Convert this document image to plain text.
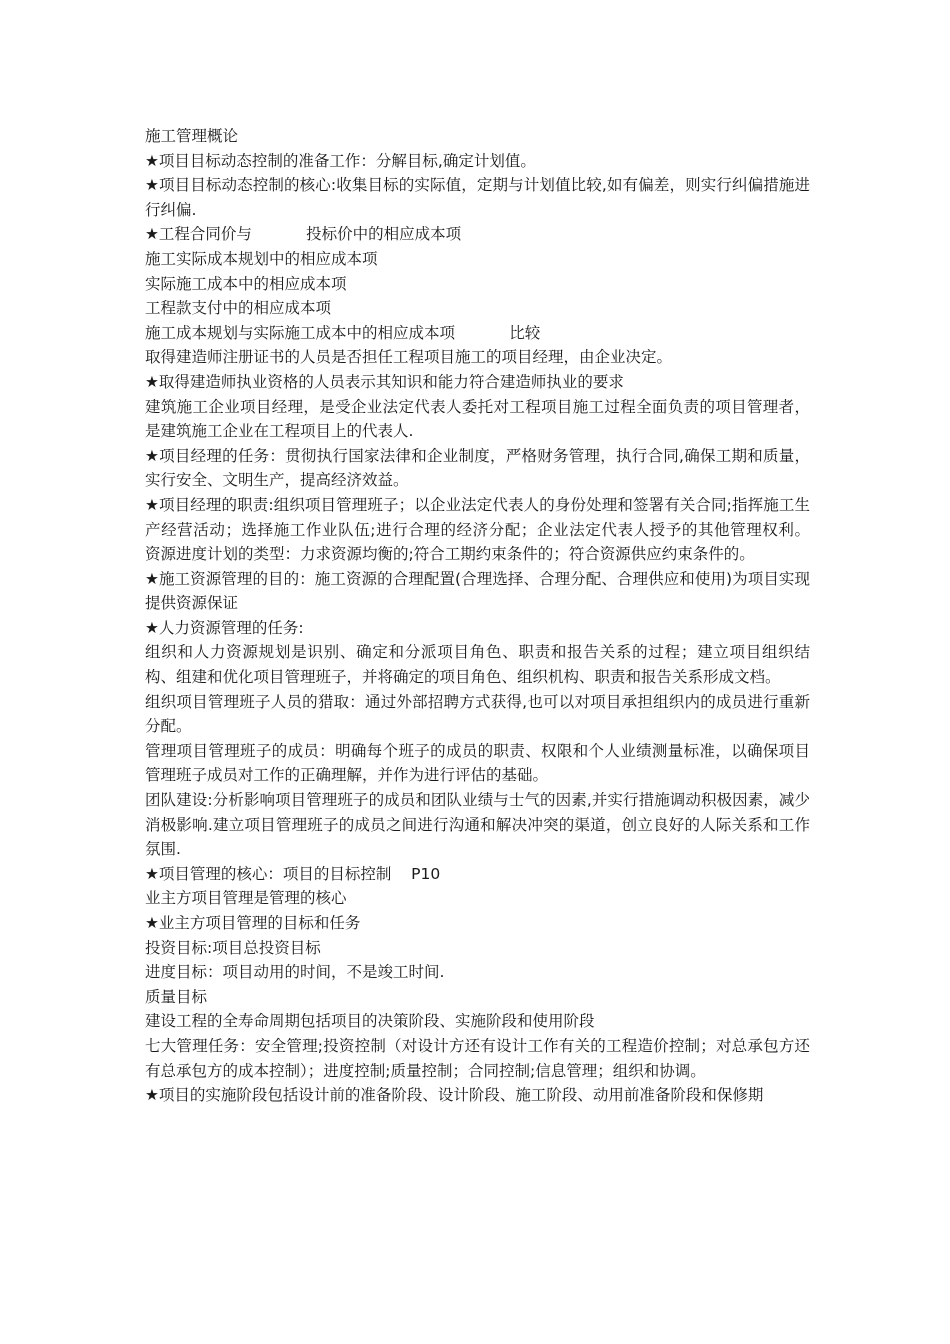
施工管理概论

★项目目标动态控制的准备工作：分解目标,确定计划值。

★项目目标动态控制的核心:收集目标的实际值，定期与计划值比较,如有偏差，则实行纠偏措施进行纠偏.

★工程合同价与           投标价中的相应成本项

施工实际成本规划中的相应成本项

实际施工成本中的相应成本项

工程款支付中的相应成本项

施工成本规划与实际施工成本中的相应成本项           比较

取得建造师注册证书的人员是否担任工程项目施工的项目经理，由企业决定。

★取得建造师执业资格的人员表示其知识和能力符合建造师执业的要求

建筑施工企业项目经理，是受企业法定代表人委托对工程项目施工过程全面负责的项目管理者，是建筑施工企业在工程项目上的代表人.

★项目经理的任务：贯彻执行国家法律和企业制度，严格财务管理，执行合同,确保工期和质量，实行安全、文明生产，提高经济效益。

★项目经理的职责:组织项目管理班子；以企业法定代表人的身份处理和签署有关合同;指挥施工生产经营活动；选择施工作业队伍;进行合理的经济分配；企业法定代表人授予的其他管理权利。  资源进度计划的类型：力求资源均衡的;符合工期约束条件的；符合资源供应约束条件的。

★施工资源管理的目的：施工资源的合理配置(合理选择、合理分配、合理供应和使用)为项目实现提供资源保证

★人力资源管理的任务:

组织和人力资源规划是识别、确定和分派项目角色、职责和报告关系的过程；建立项目组织结构、组建和优化项目管理班子，并将确定的项目角色、组织机构、职责和报告关系形成文档。

组织项目管理班子人员的猎取：通过外部招聘方式获得,也可以对项目承担组织内的成员进行重新分配。

管理项目管理班子的成员：明确每个班子的成员的职责、权限和个人业绩测量标准，以确保项目管理班子成员对工作的正确理解，并作为进行评估的基础。

团队建设:分析影响项目管理班子的成员和团队业绩与士气的因素,并实行措施调动积极因素，减少消极影响.建立项目管理班子的成员之间进行沟通和解决冲突的渠道，创立良好的人际关系和工作氛围.

★项目管理的核心：项目的目标控制    P10

业主方项目管理是管理的核心

★业主方项目管理的目标和任务

投资目标:项目总投资目标

进度目标：项目动用的时间，不是竣工时间.

质量目标

建设工程的全寿命周期包括项目的决策阶段、实施阶段和使用阶段

七大管理任务：安全管理;投资控制（对设计方还有设计工作有关的工程造价控制；对总承包方还有总承包方的成本控制）；进度控制;质量控制；合同控制;信息管理；组织和协调。

★项目的实施阶段包括设计前的准备阶段、设计阶段、施工阶段、动用前准备阶段和保修期
